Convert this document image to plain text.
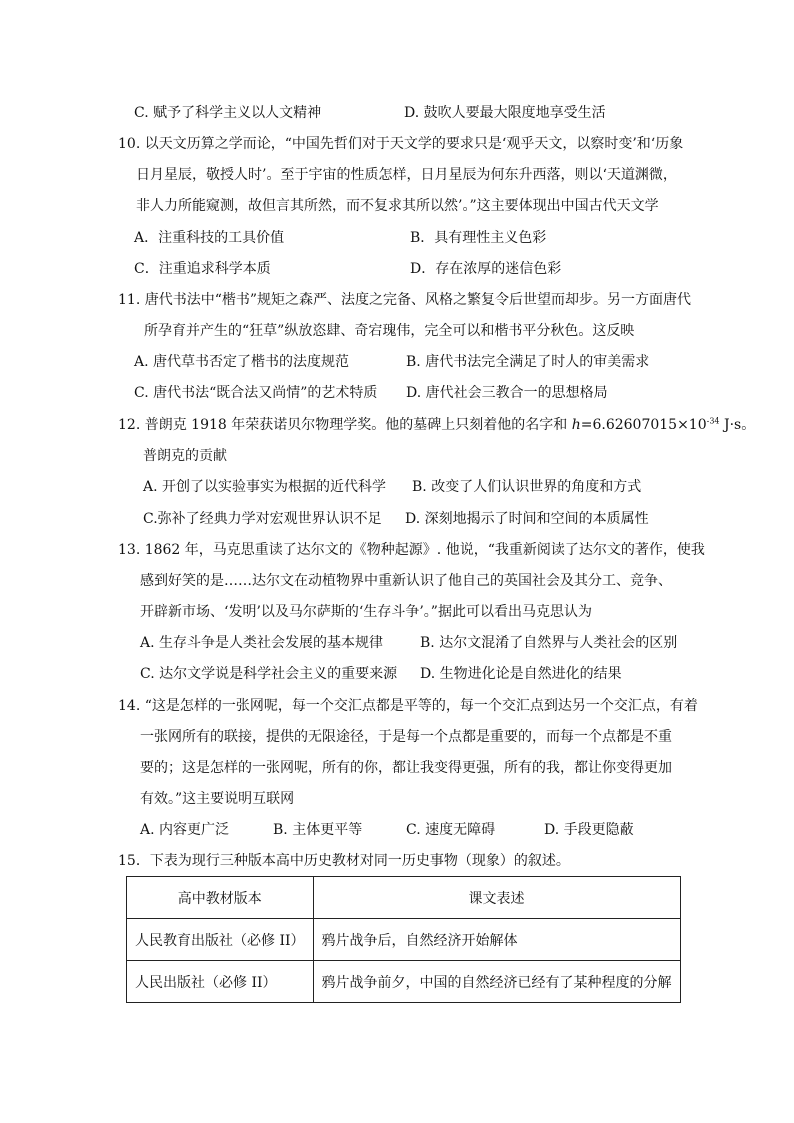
C. 赋予了科学主义以人文精神	D. 鼓吹人要最大限度地享受生活
10. 以天文历算之学而论，“中国先哲们对于天文学的要求只是‘观乎天文，以察时变’和‘历象
日月星辰，敬授人时’。至于宇宙的性质怎样，日月星辰为何东升西落，则以‘天道渊微，
非人力所能窥测，故但言其所然，而不复求其所以然’。”这主要体现出中国古代天文学
A．注重科技的工具价值	B．具有理性主义色彩
C．注重追求科学本质	D．存在浓厚的迷信色彩
11. 唐代书法中“楷书”规矩之森严、法度之完备、风格之繁复令后世望而却步。另一方面唐代
所孕育并产生的“狂草”纵放恣肆、奇宕瑰伟，完全可以和楷书平分秋色。这反映
A. 唐代草书否定了楷书的法度规范	B. 唐代书法完全满足了时人的审美需求
C. 唐代书法“既合法又尚情”的艺术特质 D. 唐代社会三教合一的思想格局
12. 普朗克 1918 年荣获诺贝尔物理学奖。他的墓碑上只刻着他的名字和 $h=6.62607015\times 10^{-34}$ J·s。
普朗克的贡献
A. 开创了以实验事实为根据的近代科学 B. 改变了人们认识世界的角度和方式
C.弥补了经典力学对宏观世界认识不足 D. 深刻地揭示了时间和空间的本质属性
13. 1862 年，马克思重读了达尔文的《物种起源》. 他说，“我重新阅读了达尔文的著作，使我
感到好笑的是……达尔文在动植物界中重新认识了他自己的英国社会及其分工、竞争、
开辟新市场、‘发明’以及马尔萨斯的‘生存斗争’。”据此可以看出马克思认为
A. 生存斗争是人类社会发展的基本规律	B. 达尔文混淆了自然界与人类社会的区别
C. 达尔文学说是科学社会主义的重要来源 D. 生物进化论是自然进化的结果
14. “这是怎样的一张网呢，每一个交汇点都是平等的，每一个交汇点到达另一个交汇点，有着
一张网所有的联接，提供的无限途径，于是每一个点都是重要的，而每一个点都是不重
要的；这是怎样的一张网呢，所有的你，都让我变得更强，所有的我，都让你变得更加
有效。”这主要说明互联网
A. 内容更广泛	B. 主体更平等	C. 速度无障碍	D. 手段更隐蔽
15．下表为现行三种版本高中历史教材对同一历史事物（现象）的叙述。
高中教材版本	课文表述
人民教育出版社（必修 II）	鸦片战争后，自然经济开始解体
人民出版社（必修 II）	鸦片战争前夕，中国的自然经济已经有了某种程度的分解
